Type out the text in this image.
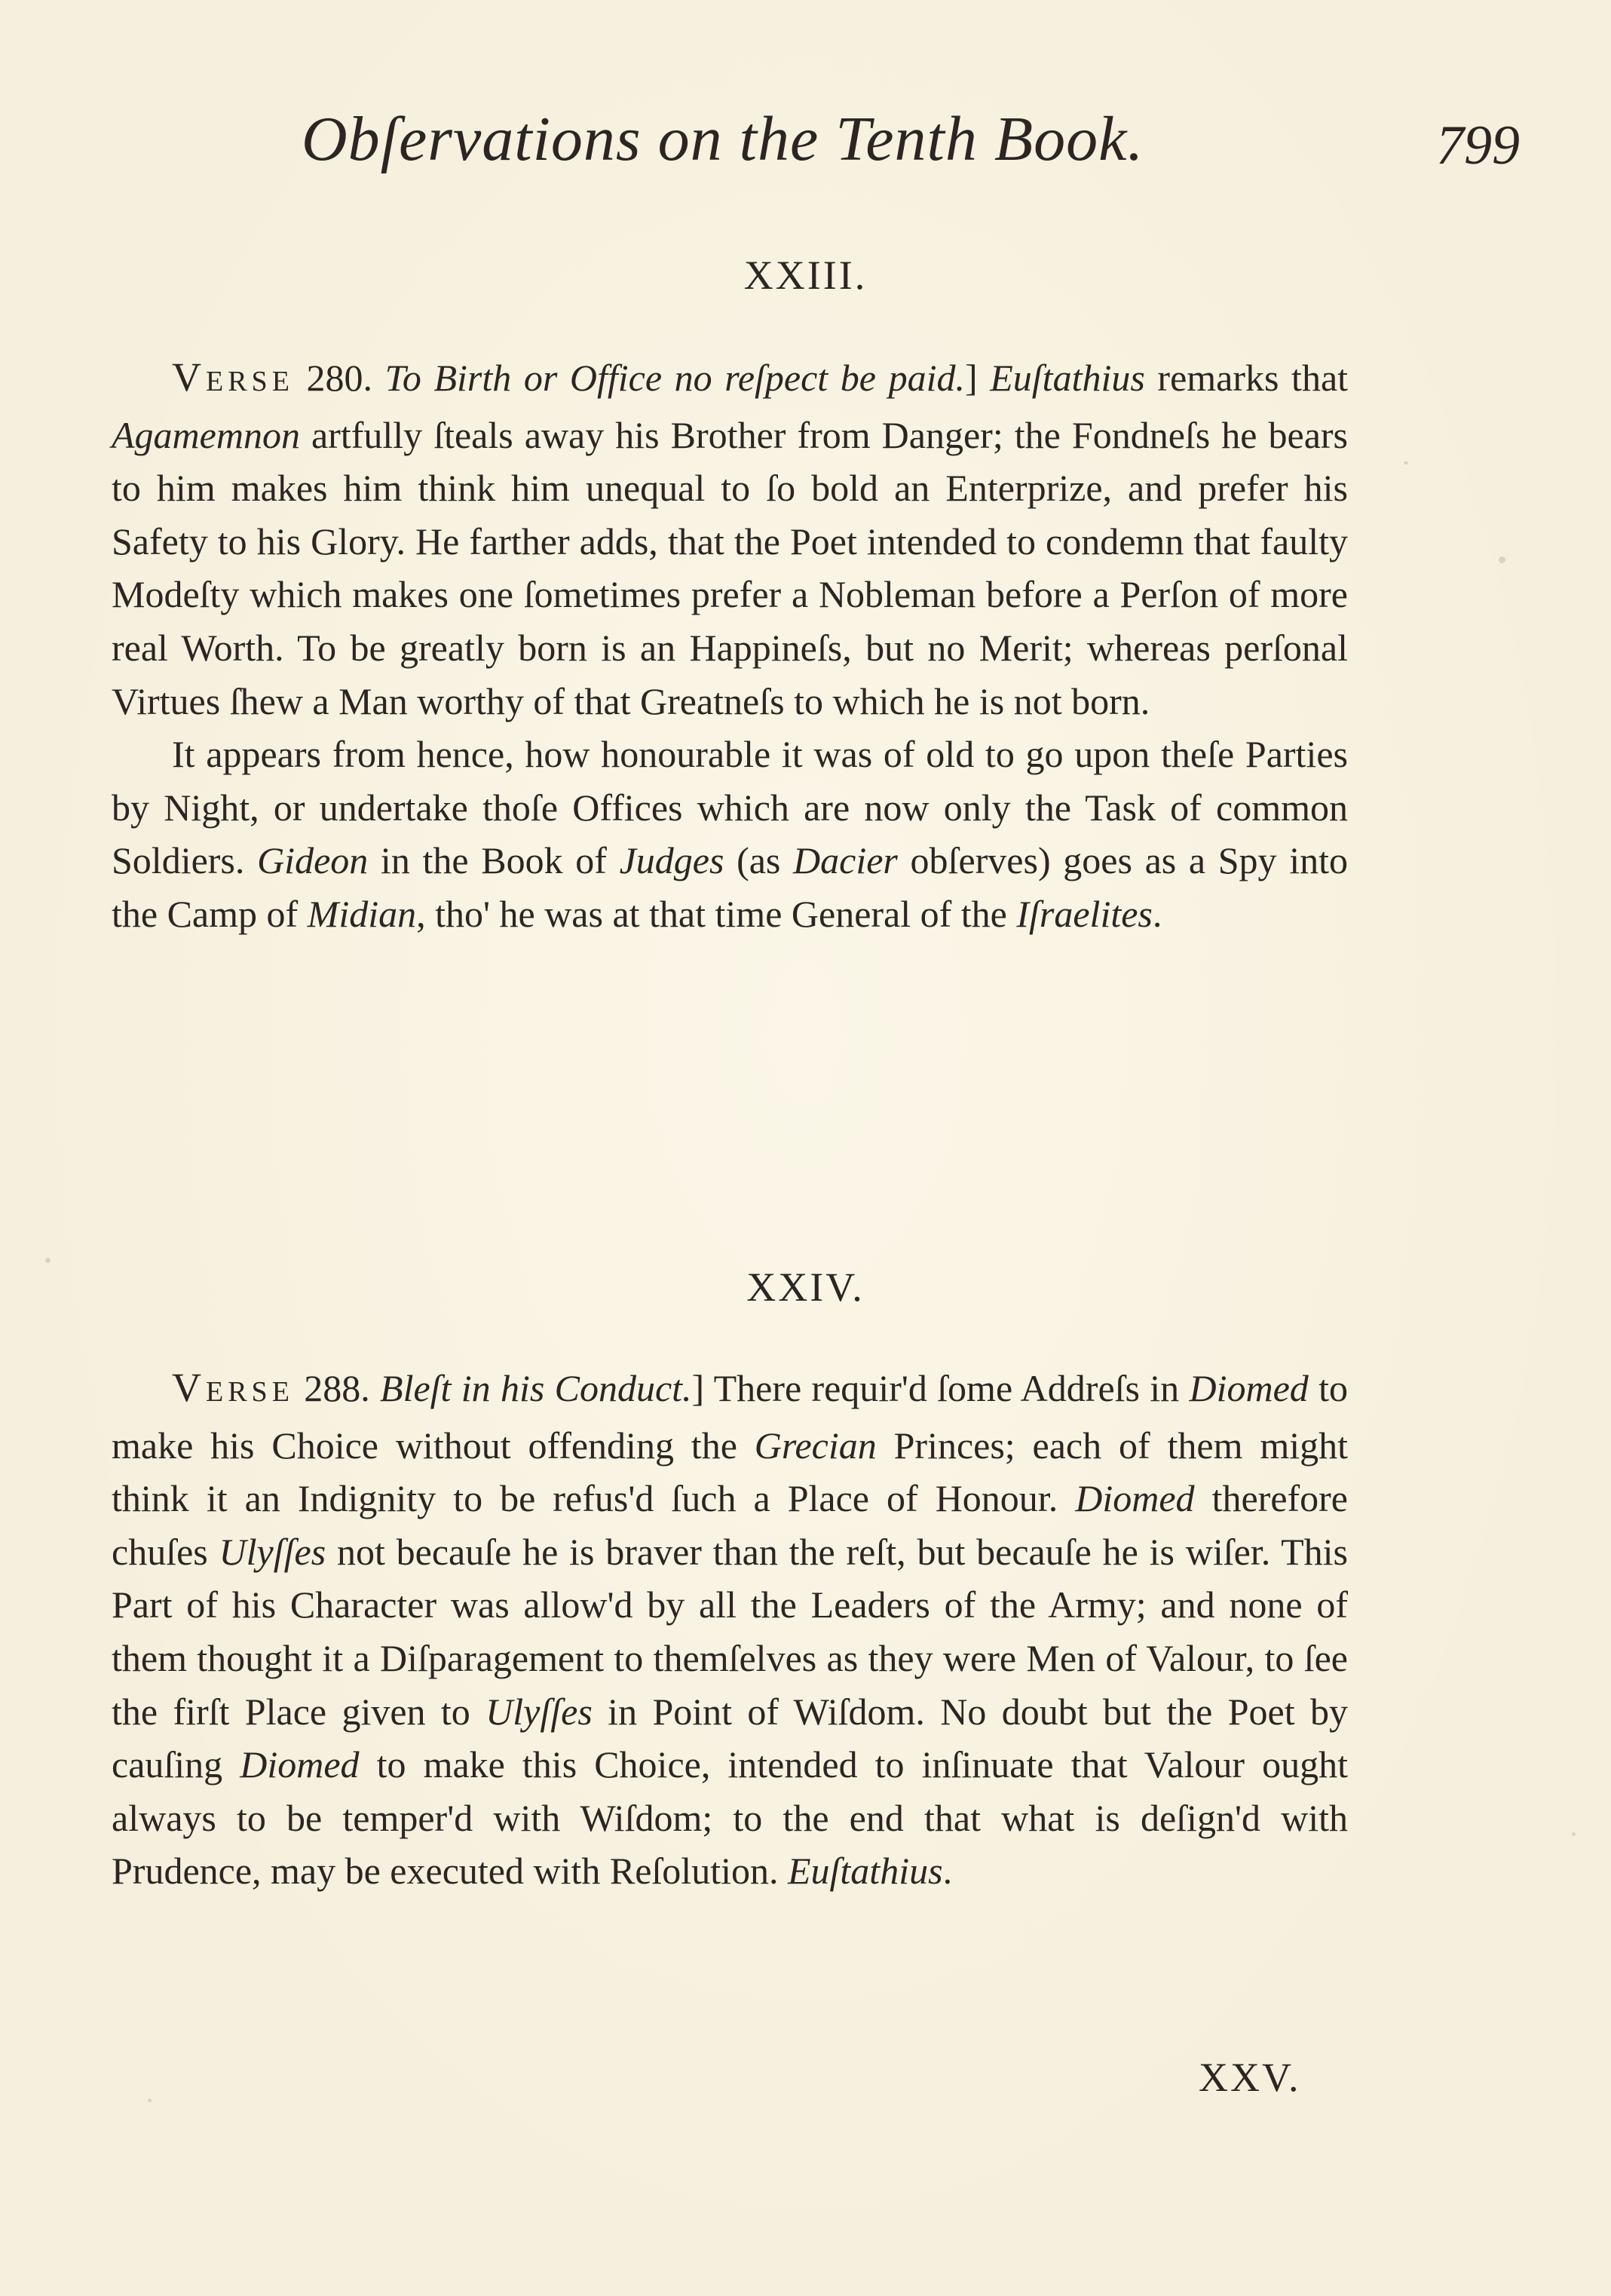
Obſervations on the Tenth Book.	799
XXIII.

VERSE 280. To Birth or Office no reſpect be paid.] Euſtathius remarks that Agamemnon artfully ſteals away his Brother from Danger; the Fondneſs he bears to him makes him think him unequal to ſo bold an Enterprize, and prefer his Safety to his Glory. He farther adds, that the Poet intended to condemn that faulty Modeſty which makes one ſometimes prefer a Nobleman before a Perſon of more real Worth. To be greatly born is an Happineſs, but no Merit; whereas perſonal Virtues ſhew a Man worthy of that Greatneſs to which he is not born.

It appears from hence, how honourable it was of old to go upon theſe Parties by Night, or undertake thoſe Offices which are now only the Task of common Soldiers. Gideon in the Book of Judges (as Dacier obſerves) goes as a Spy into the Camp of Midian, tho' he was at that time General of the Iſraelites.

XXIV.

VERSE 288. Bleſt in his Conduct.] There requir'd ſome Addreſs in Diomed to make his Choice without offending the Grecian Princes; each of them might think it an Indignity to be refus'd ſuch a Place of Honour. Diomed therefore chuſes Ulyſſes not becauſe he is braver than the reſt, but becauſe he is wiſer. This Part of his Character was allow'd by all the Leaders of the Army; and none of them thought it a Diſparagement to themſelves as they were Men of Valour, to ſee the firſt Place given to Ulyſſes in Point of Wiſdom. No doubt but the Poet by cauſing Diomed to make this Choice, intended to inſinuate that Valour ought always to be temper'd with Wiſdom; to the end that what is deſign'd with Prudence, may be executed with Reſolution. Euſtathius.

XXV.
